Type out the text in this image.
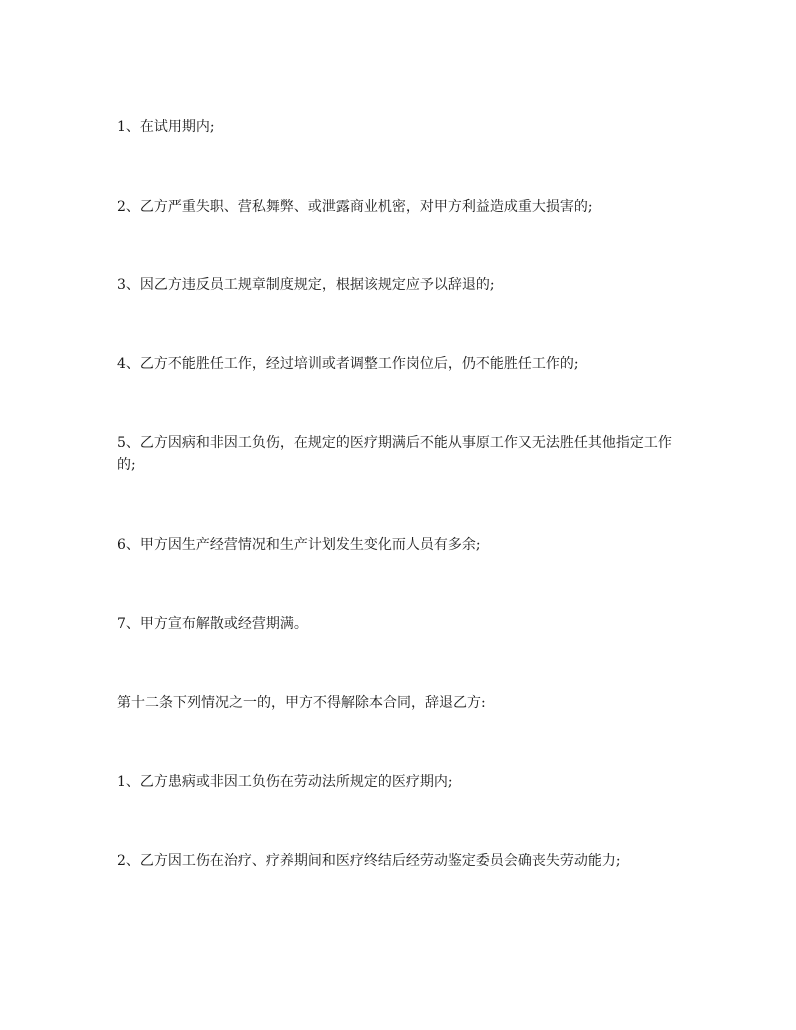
1、在试用期内;

2、乙方严重失职、营私舞弊、或泄露商业机密，对甲方利益造成重大损害的;

3、因乙方违反员工规章制度规定，根据该规定应予以辞退的;

4、乙方不能胜任工作，经过培训或者调整工作岗位后，仍不能胜任工作的;

5、乙方因病和非因工负伤，在规定的医疗期满后不能从事原工作又无法胜任其他指定工作的;

6、甲方因生产经营情况和生产计划发生变化而人员有多余;

7、甲方宣布解散或经营期满。

第十二条下列情况之一的，甲方不得解除本合同，辞退乙方:

1、乙方患病或非因工负伤在劳动法所规定的医疗期内;

2、乙方因工伤在治疗、疗养期间和医疗终结后经劳动鉴定委员会确丧失劳动能力;
